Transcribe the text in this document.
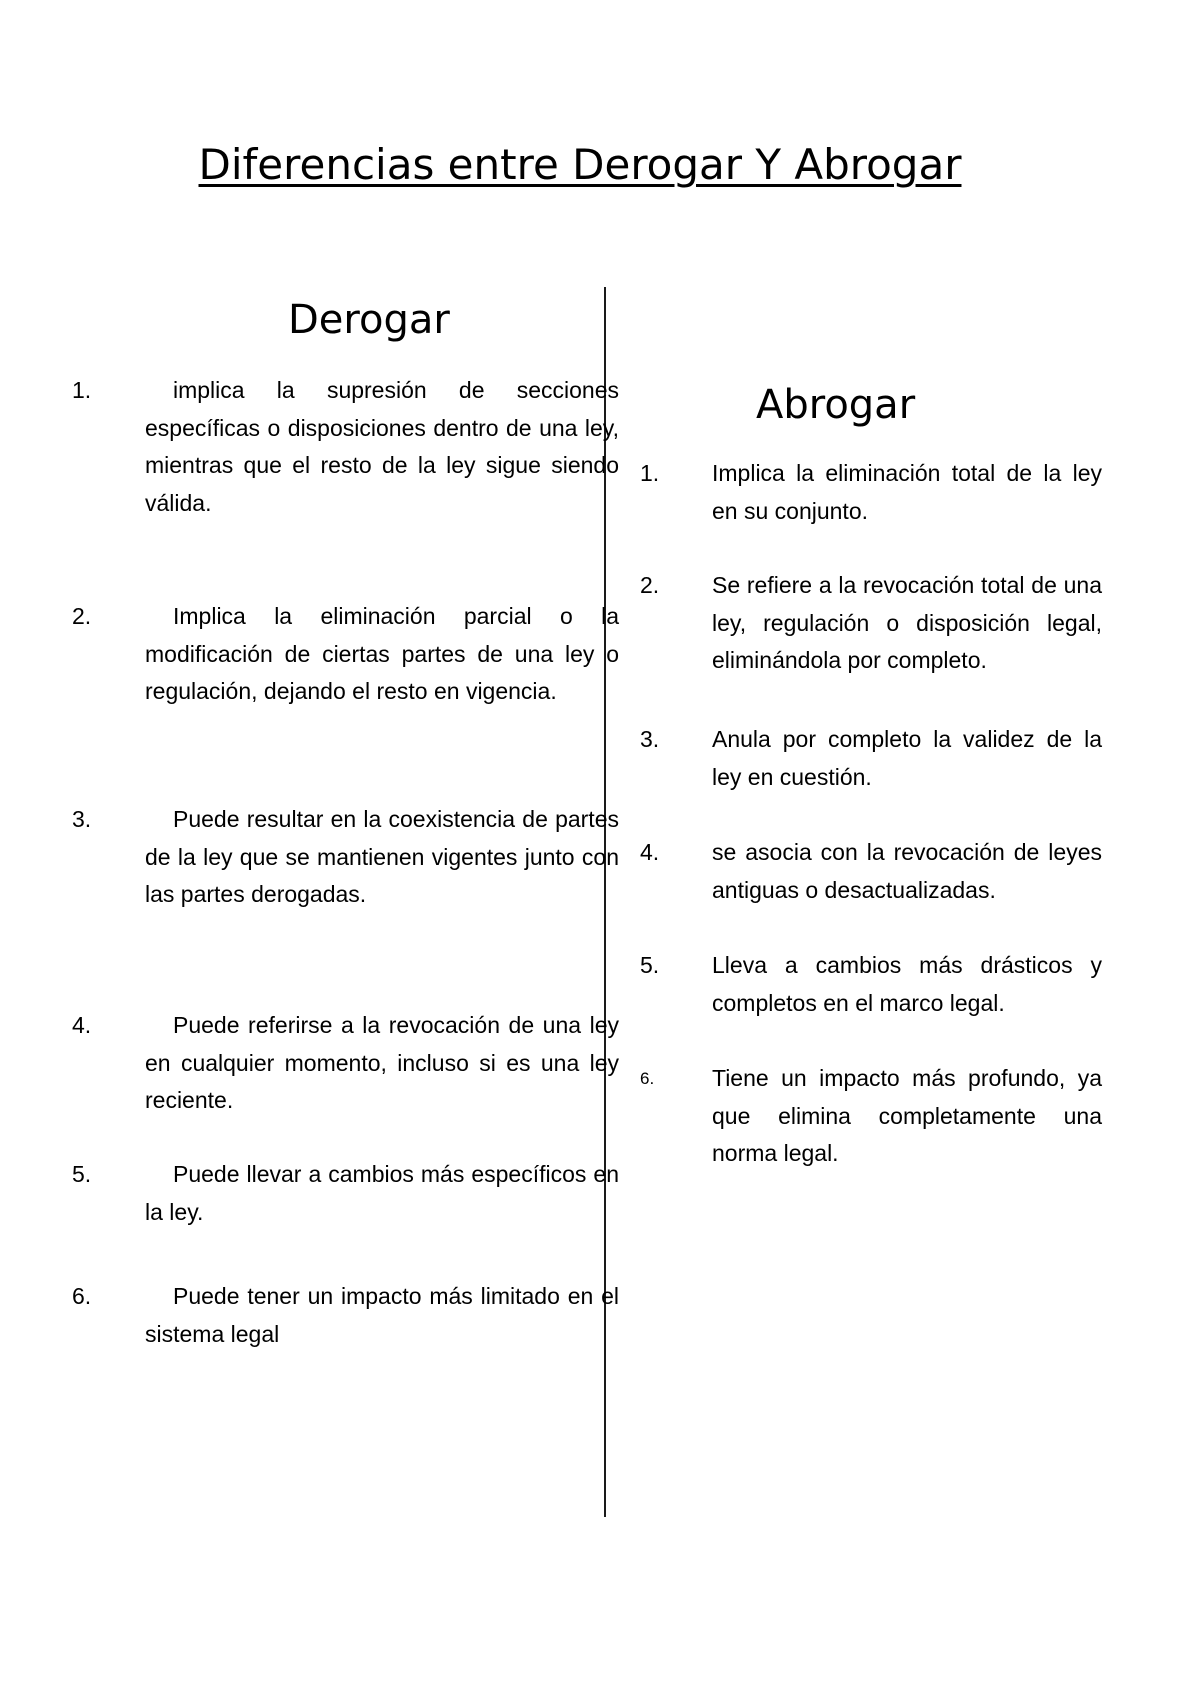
Diferencias entre Derogar Y Abrogar
Derogar
1.	implica la supresión de secciones específicas o disposiciones dentro de una ley, mientras que el resto de la ley sigue siendo válida.
2.	Implica la eliminación parcial o la modificación de ciertas partes de una ley o regulación, dejando el resto en vigencia.
3.	Puede resultar en la coexistencia de partes de la ley que se mantienen vigentes junto con las partes derogadas.
4.	Puede referirse a la revocación de una ley en cualquier momento, incluso si es una ley reciente.
5.	Puede llevar a cambios más específicos en la ley.
6.	Puede tener un impacto más limitado en el sistema legal
Abrogar
1. Implica la eliminación total de la ley en su conjunto.
2. Se refiere a la revocación total de una ley, regulación o disposición legal, eliminándola por completo.
3. Anula por completo la validez de la ley en cuestión.
4. se asocia con la revocación de leyes antiguas o desactualizadas.
5. Lleva a cambios más drásticos y completos en el marco legal.
6.	Tiene un impacto más profundo, ya que elimina completamente una norma legal.
